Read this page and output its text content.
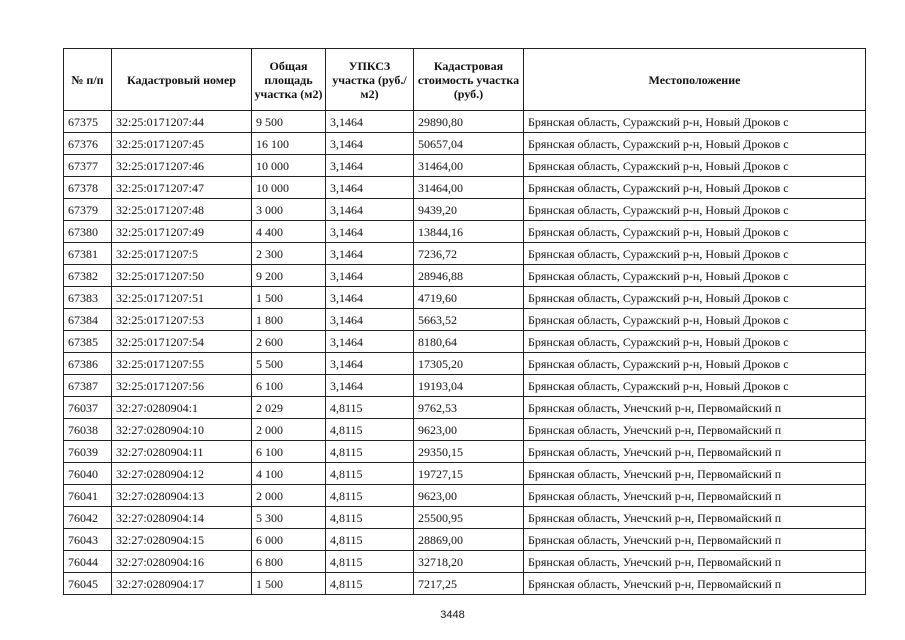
№ п/п	Кадастровый номер	Общая площадь участка (м2)	УПКСЗ участка (руб./м2)	Кадастровая стоимость участка (руб.)	Местоположение
67375	32:25:0171207:44	9 500	3,1464	29890,80	Брянская область, Суражский р-н, Новый Дроков с
67376	32:25:0171207:45	16 100	3,1464	50657,04	Брянская область, Суражский р-н, Новый Дроков с
67377	32:25:0171207:46	10 000	3,1464	31464,00	Брянская область, Суражский р-н, Новый Дроков с
67378	32:25:0171207:47	10 000	3,1464	31464,00	Брянская область, Суражский р-н, Новый Дроков с
67379	32:25:0171207:48	3 000	3,1464	9439,20	Брянская область, Суражский р-н, Новый Дроков с
67380	32:25:0171207:49	4 400	3,1464	13844,16	Брянская область, Суражский р-н, Новый Дроков с
67381	32:25:0171207:5	2 300	3,1464	7236,72	Брянская область, Суражский р-н, Новый Дроков с
67382	32:25:0171207:50	9 200	3,1464	28946,88	Брянская область, Суражский р-н, Новый Дроков с
67383	32:25:0171207:51	1 500	3,1464	4719,60	Брянская область, Суражский р-н, Новый Дроков с
67384	32:25:0171207:53	1 800	3,1464	5663,52	Брянская область, Суражский р-н, Новый Дроков с
67385	32:25:0171207:54	2 600	3,1464	8180,64	Брянская область, Суражский р-н, Новый Дроков с
67386	32:25:0171207:55	5 500	3,1464	17305,20	Брянская область, Суражский р-н, Новый Дроков с
67387	32:25:0171207:56	6 100	3,1464	19193,04	Брянская область, Суражский р-н, Новый Дроков с
76037	32:27:0280904:1	2 029	4,8115	9762,53	Брянская область, Унечский р-н, Первомайский п
76038	32:27:0280904:10	2 000	4,8115	9623,00	Брянская область, Унечский р-н, Первомайский п
76039	32:27:0280904:11	6 100	4,8115	29350,15	Брянская область, Унечский р-н, Первомайский п
76040	32:27:0280904:12	4 100	4,8115	19727,15	Брянская область, Унечский р-н, Первомайский п
76041	32:27:0280904:13	2 000	4,8115	9623,00	Брянская область, Унечский р-н, Первомайский п
76042	32:27:0280904:14	5 300	4,8115	25500,95	Брянская область, Унечский р-н, Первомайский п
76043	32:27:0280904:15	6 000	4,8115	28869,00	Брянская область, Унечский р-н, Первомайский п
76044	32:27:0280904:16	6 800	4,8115	32718,20	Брянская область, Унечский р-н, Первомайский п
76045	32:27:0280904:17	1 500	4,8115	7217,25	Брянская область, Унечский р-н, Первомайский п
3448
